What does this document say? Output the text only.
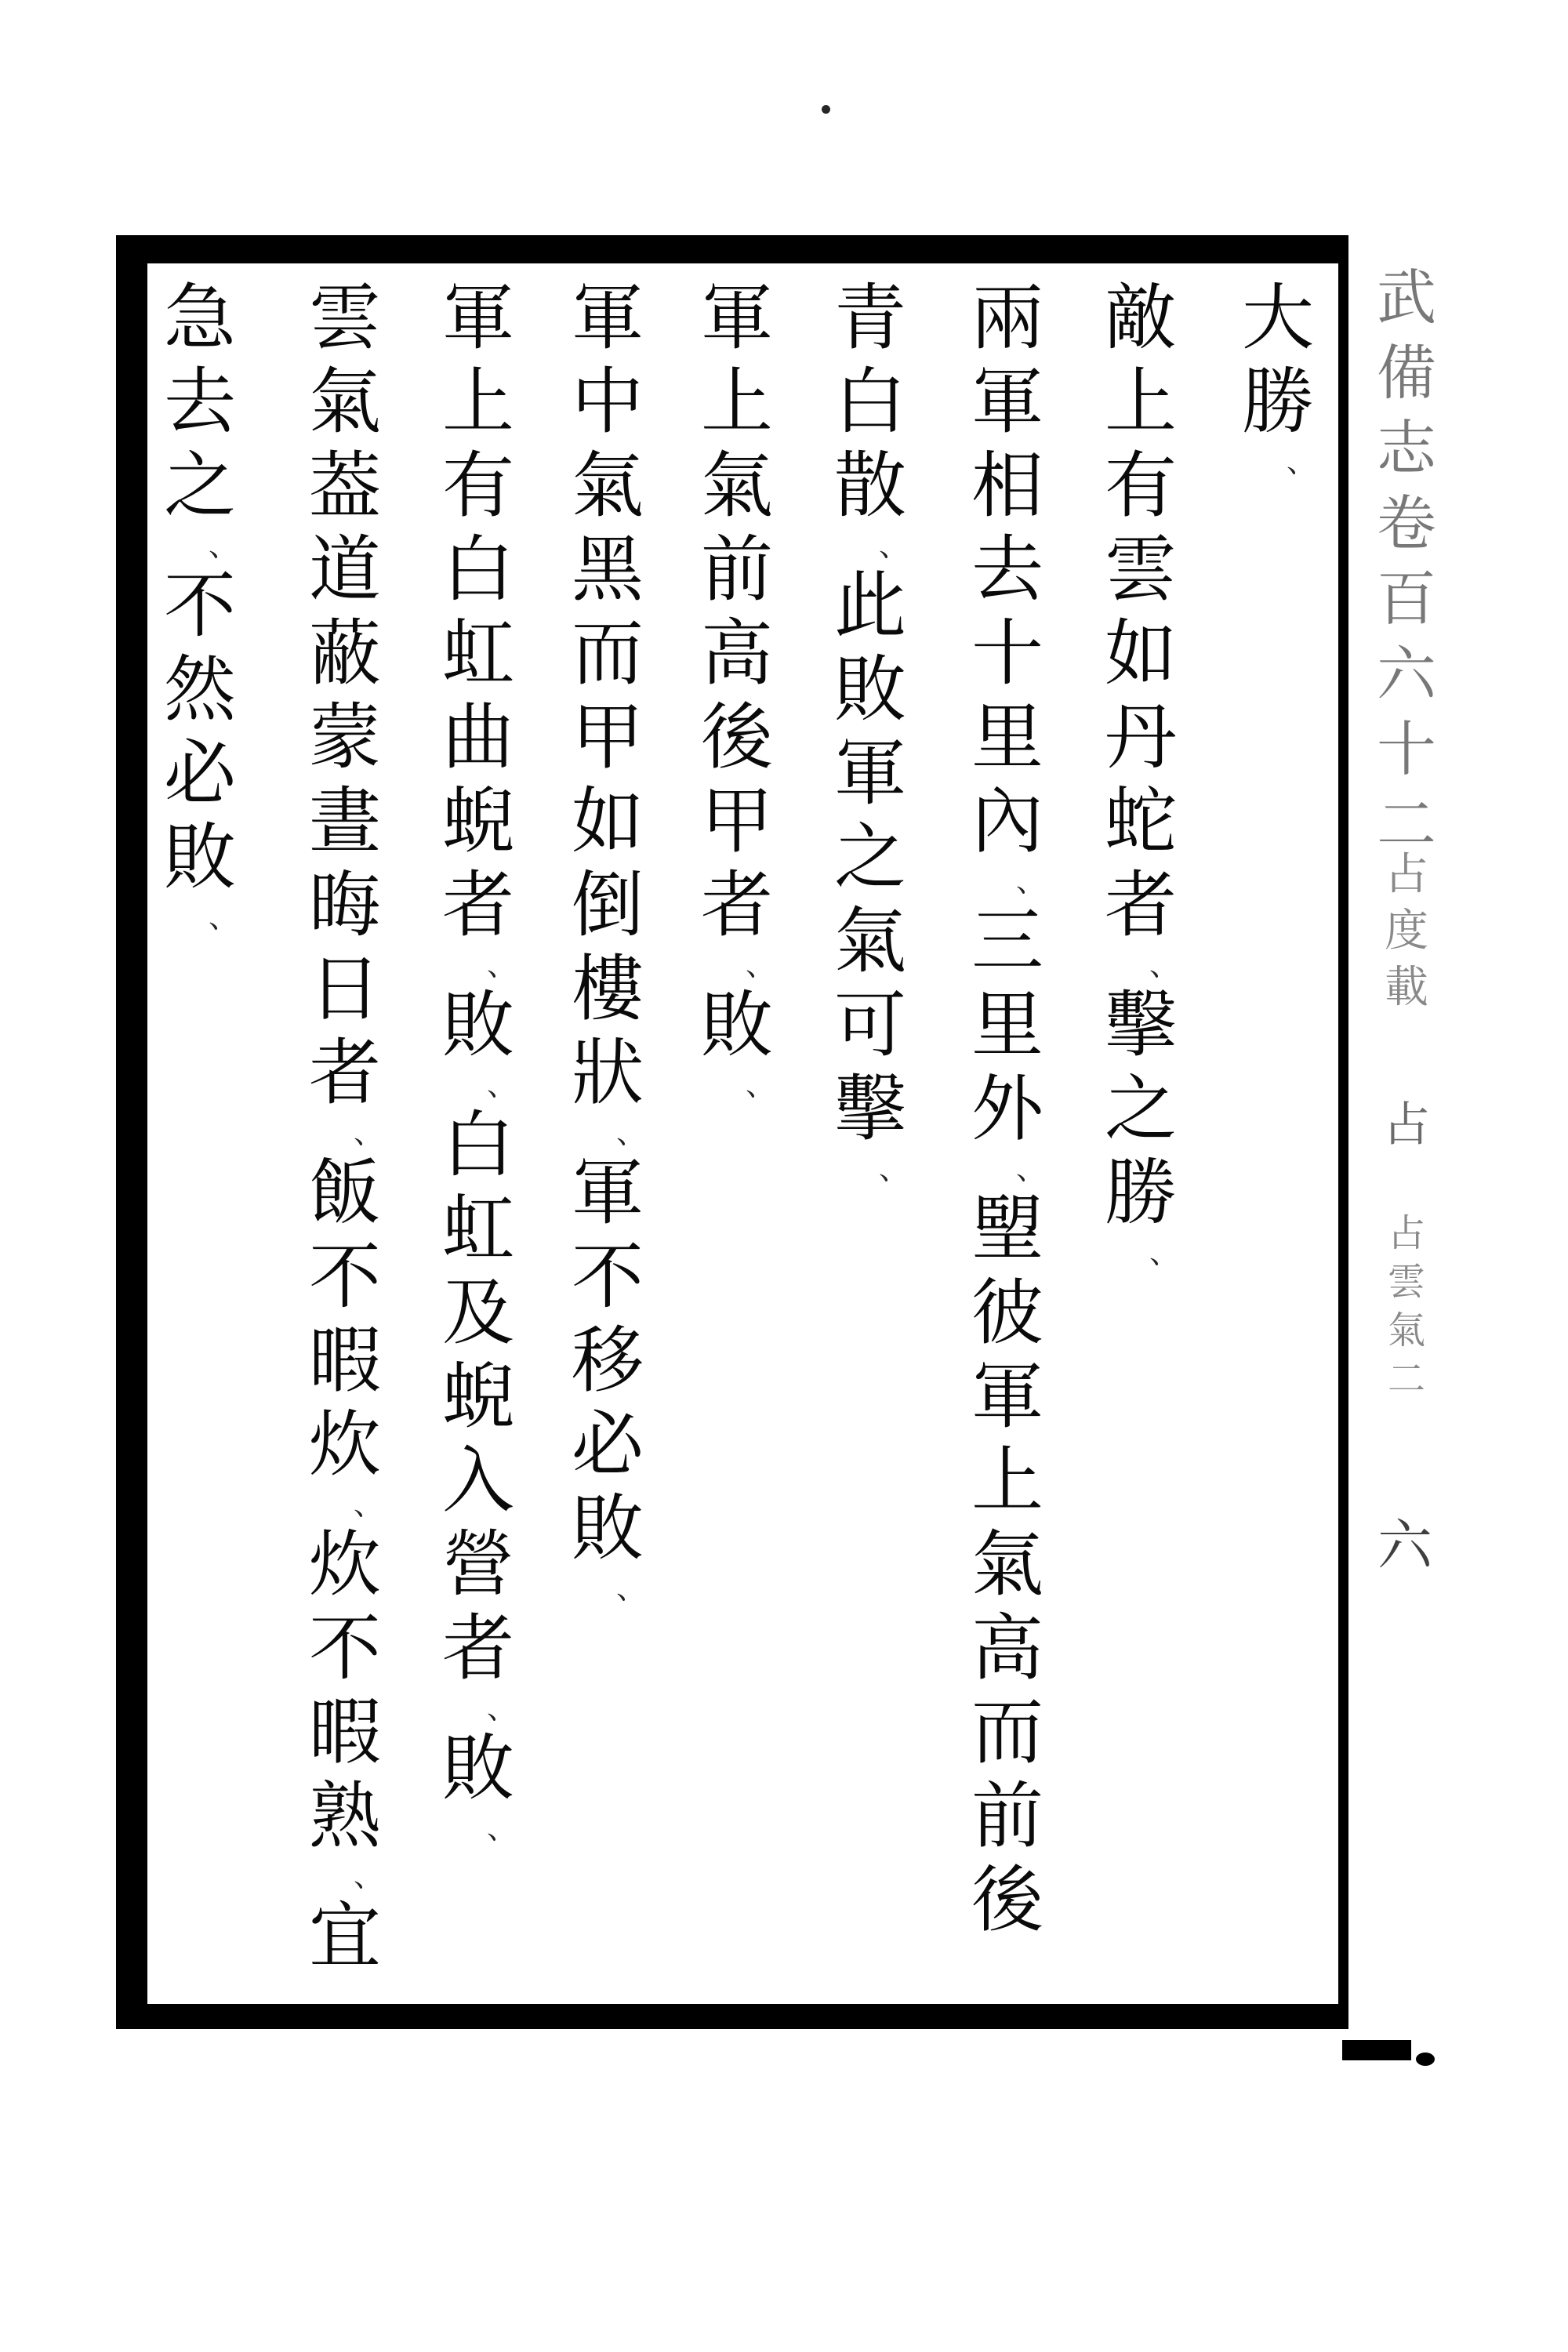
大
勝
、
敵
上
有
雲
如
丹
蛇
者
、
擊
之
勝
、
兩
軍
相
去
十
里
內
、
三
里
外
、
朢
彼
軍
上
氣
高
而
前
後
青
白
散
、
此
敗
軍
之
氣
可
擊
、
軍
上
氣
前
高
後
甲
者
、
敗
、
軍
中
氣
黑
而
甲
如
倒
樓
狀
、
軍
不
移
必
敗
、
軍
上
有
白
虹
曲
蜺
者
、
敗
、
白
虹
及
蜺
入
營
者
、
敗
、
雲
氣
葢
道
蔽
蒙
晝
晦
日
者
、
飯
不
暇
炊
、
炊
不
暇
熟
、
宜
急
去
之
、
不
然
必
敗
、
武
備
志
卷
百
六
十
二
占
度
載
占
占
雲
氣
二
六
